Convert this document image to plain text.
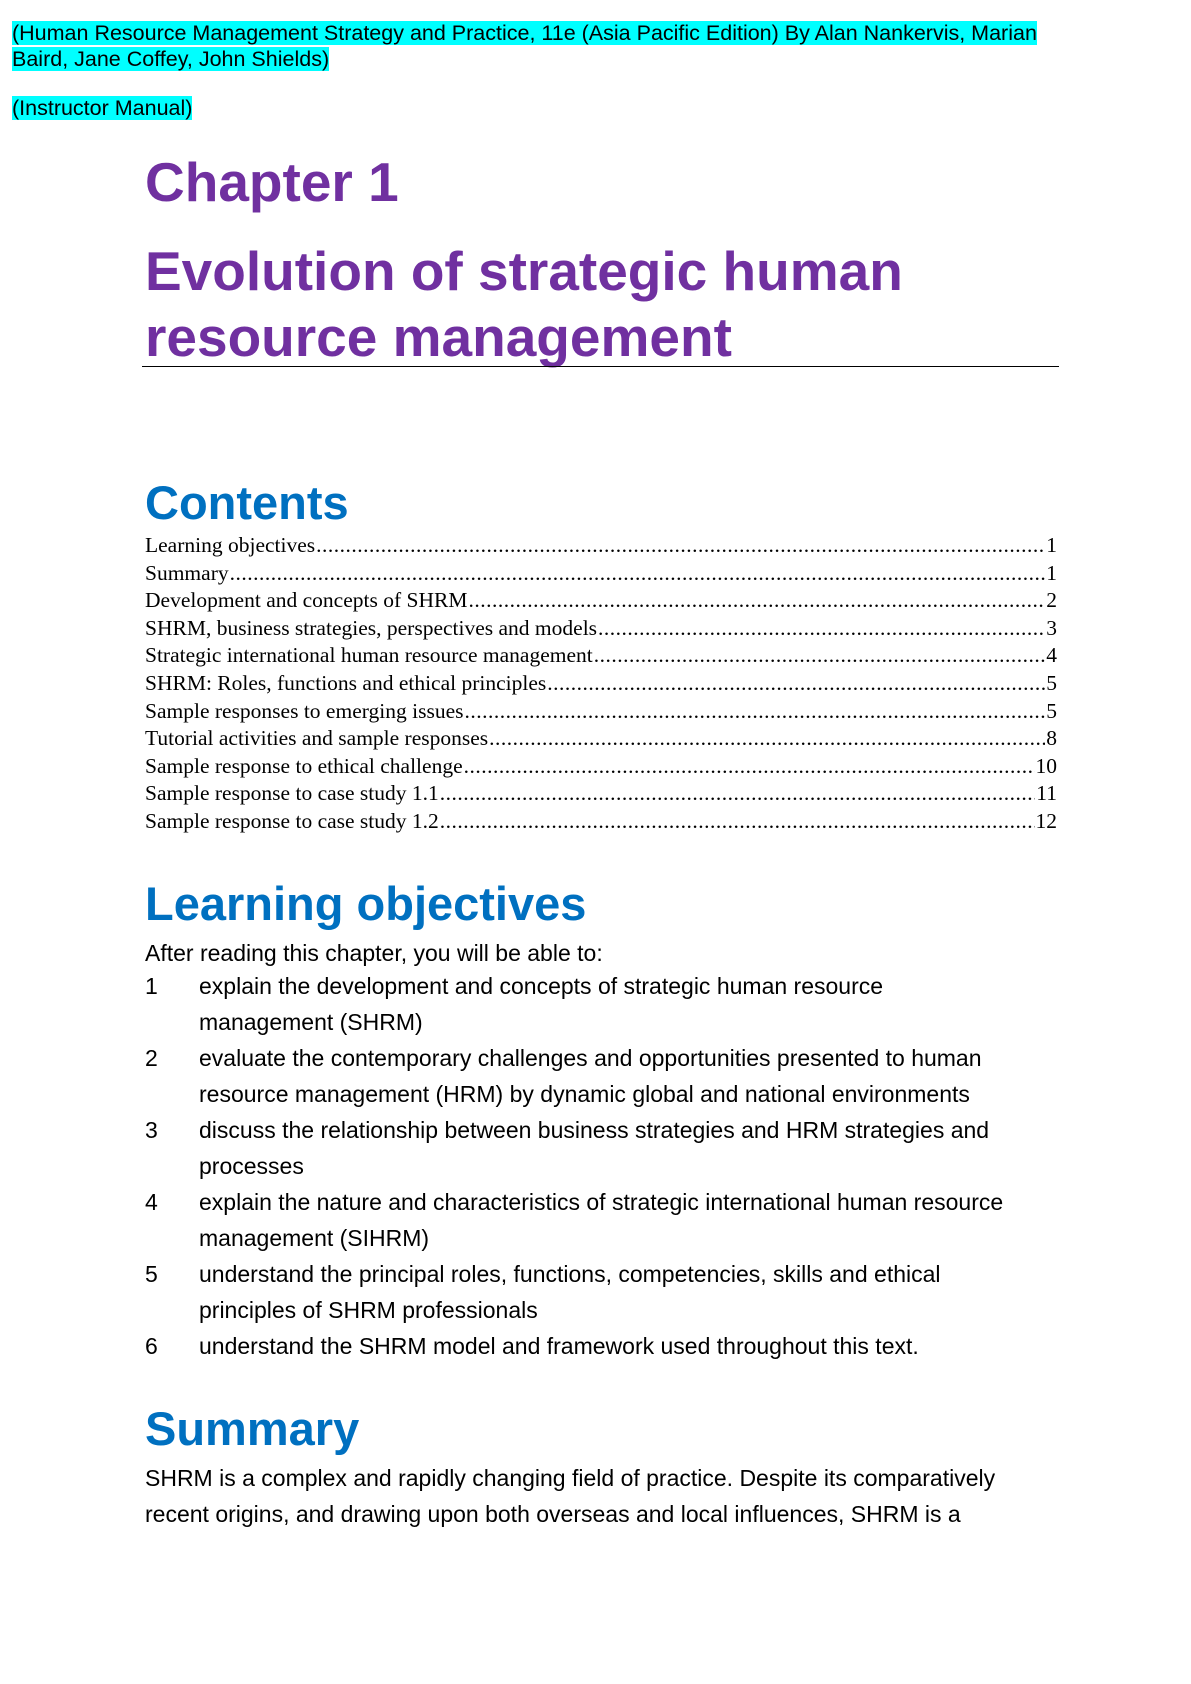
(Human Resource Management Strategy and Practice, 11e (Asia Pacific Edition) By Alan Nankervis, Marian
Baird, Jane Coffey, John Shields)

(Instructor Manual)

Chapter 1
Evolution of strategic human
resource management
Contents
Learning objectives .....	1
Summary .....	1
Development and concepts of SHRM .....	2
SHRM, business strategies, perspectives and models .....	3
Strategic international human resource management .....	4
SHRM: Roles, functions and ethical principles .....	5
Sample responses to emerging issues .....	5
Tutorial activities and sample responses .....	8
Sample response to ethical challenge .....	10
Sample response to case study 1.1 .....	11
Sample response to case study 1.2 .....	12
Learning objectives

After reading this chapter, you will be able to:

1	explain the development and concepts of strategic human resource
management (SHRM)
2	evaluate the contemporary challenges and opportunities presented to human
resource management (HRM) by dynamic global and national environments
3	discuss the relationship between business strategies and HRM strategies and
processes
4	explain the nature and characteristics of strategic international human resource
management (SIHRM)
5	understand the principal roles, functions, competencies, skills and ethical
principles of SHRM professionals
6	understand the SHRM model and framework used throughout this text.
Summary

SHRM is a complex and rapidly changing field of practice. Despite its comparatively
recent origins, and drawing upon both overseas and local influences, SHRM is a
